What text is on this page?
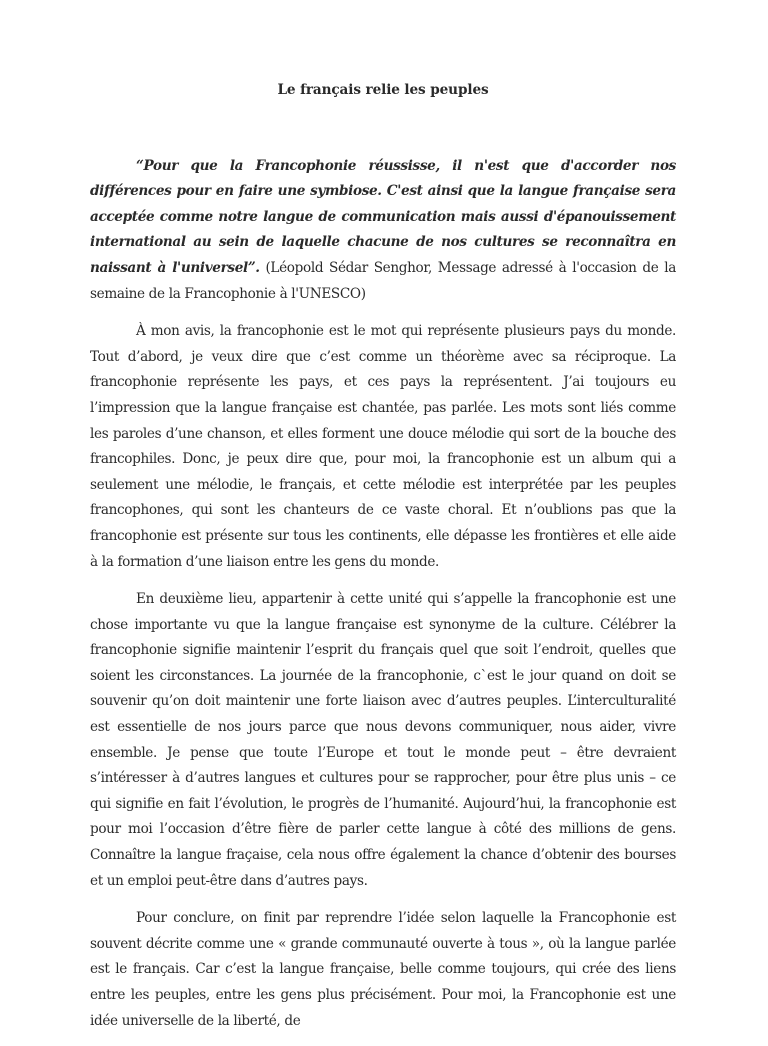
Le français relie les peuples

“Pour que la Francophonie réussisse, il n'est que d'accorder nos différences pour en faire une symbiose. C'est ainsi que la langue française sera acceptée comme notre langue de communication mais aussi d'épanouissement international au sein de laquelle chacune de nos cultures se reconnaîtra en naissant à l'universel”. (Léopold Sédar Senghor, Message adressé à l'occasion de la semaine de la Francophonie à l'UNESCO)

À mon avis, la francophonie est le mot qui représente plusieurs pays du monde. Tout d’abord, je veux dire que c’est comme un théorème avec sa réciproque. La francophonie représente les pays, et ces pays la représentent. J’ai toujours eu l’impression que la langue française est chantée, pas parlée. Les mots sont liés comme les paroles d’une chanson, et elles forment une douce mélodie qui sort de la bouche des francophiles. Donc, je peux dire que, pour moi, la francophonie est un album qui a seulement une mélodie, le français, et cette mélodie est interprétée par les peuples francophones, qui sont les chanteurs de ce vaste choral. Et n’oublions pas que la francophonie est présente sur tous les continents, elle dépasse les frontières et elle aide à la formation d’une liaison entre les gens du monde.

En deuxième lieu, appartenir à cette unité qui s’appelle la francophonie est une chose importante vu que la langue française est synonyme de la culture. Célébrer la francophonie signifie maintenir l’esprit du français quel que soit l’endroit, quelles que soient les circonstances. La journée de la francophonie, c`est le jour quand on doit se souvenir qu’on doit maintenir une forte liaison avec d’autres peuples. L’interculturalité est essentielle de nos jours parce que nous devons communiquer, nous aider, vivre ensemble. Je pense que toute l’Europe et tout le monde peut – être devraient s’intéresser à d’autres langues et cultures pour se rapprocher, pour être plus unis – ce qui signifie en fait l’évolution, le progrès de l’humanité. Aujourd’hui, la francophonie est pour moi l’occasion d’être fière de parler cette langue à côté des millions de gens. Connaître la langue fraçaise, cela nous offre également la chance d’obtenir des bourses et un emploi peut-être dans d’autres pays.

Pour conclure, on finit par reprendre l’idée selon laquelle la Francophonie est souvent décrite comme une « grande communauté ouverte à tous », où la langue parlée est le français. Car c’est la langue française, belle comme toujours, qui crée des liens entre les peuples, entre les gens plus précisément. Pour moi, la Francophonie est une idée universelle de la liberté, de
